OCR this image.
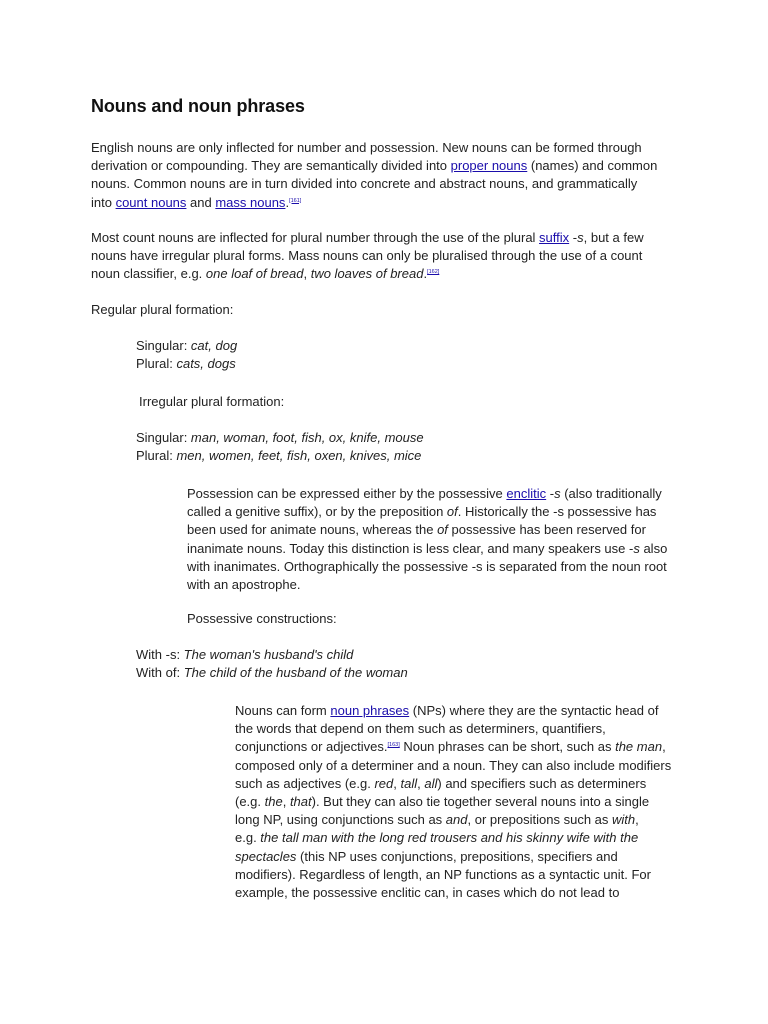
Nouns and noun phrases
English nouns are only inflected for number and possession. New nouns can be formed through
derivation or compounding. They are semantically divided into proper nouns (names) and common
nouns. Common nouns are in turn divided into concrete and abstract nouns, and grammatically
into count nouns and mass nouns.[161]
Most count nouns are inflected for plural number through the use of the plural suffix -s, but a few
nouns have irregular plural forms. Mass nouns can only be pluralised through the use of a count
noun classifier, e.g. one loaf of bread, two loaves of bread.[162]
Regular plural formation:
Singular: cat, dog
Plural: cats, dogs
Irregular plural formation:
Singular: man, woman, foot, fish, ox, knife, mouse
Plural: men, women, feet, fish, oxen, knives, mice
Possession can be expressed either by the possessive enclitic -s (also traditionally
called a genitive suffix), or by the preposition of. Historically the -s possessive has
been used for animate nouns, whereas the of possessive has been reserved for
inanimate nouns. Today this distinction is less clear, and many speakers use -s also
with inanimates. Orthographically the possessive -s is separated from the noun root
with an apostrophe.
Possessive constructions:
With -s: The woman's husband's child
With of: The child of the husband of the woman
Nouns can form noun phrases (NPs) where they are the syntactic head of
the words that depend on them such as determiners, quantifiers,
conjunctions or adjectives.[163] Noun phrases can be short, such as the man,
composed only of a determiner and a noun. They can also include modifiers
such as adjectives (e.g. red, tall, all) and specifiers such as determiners
(e.g. the, that). But they can also tie together several nouns into a single
long NP, using conjunctions such as and, or prepositions such as with,
e.g. the tall man with the long red trousers and his skinny wife with the
spectacles (this NP uses conjunctions, prepositions, specifiers and
modifiers). Regardless of length, an NP functions as a syntactic unit. For
example, the possessive enclitic can, in cases which do not lead to
